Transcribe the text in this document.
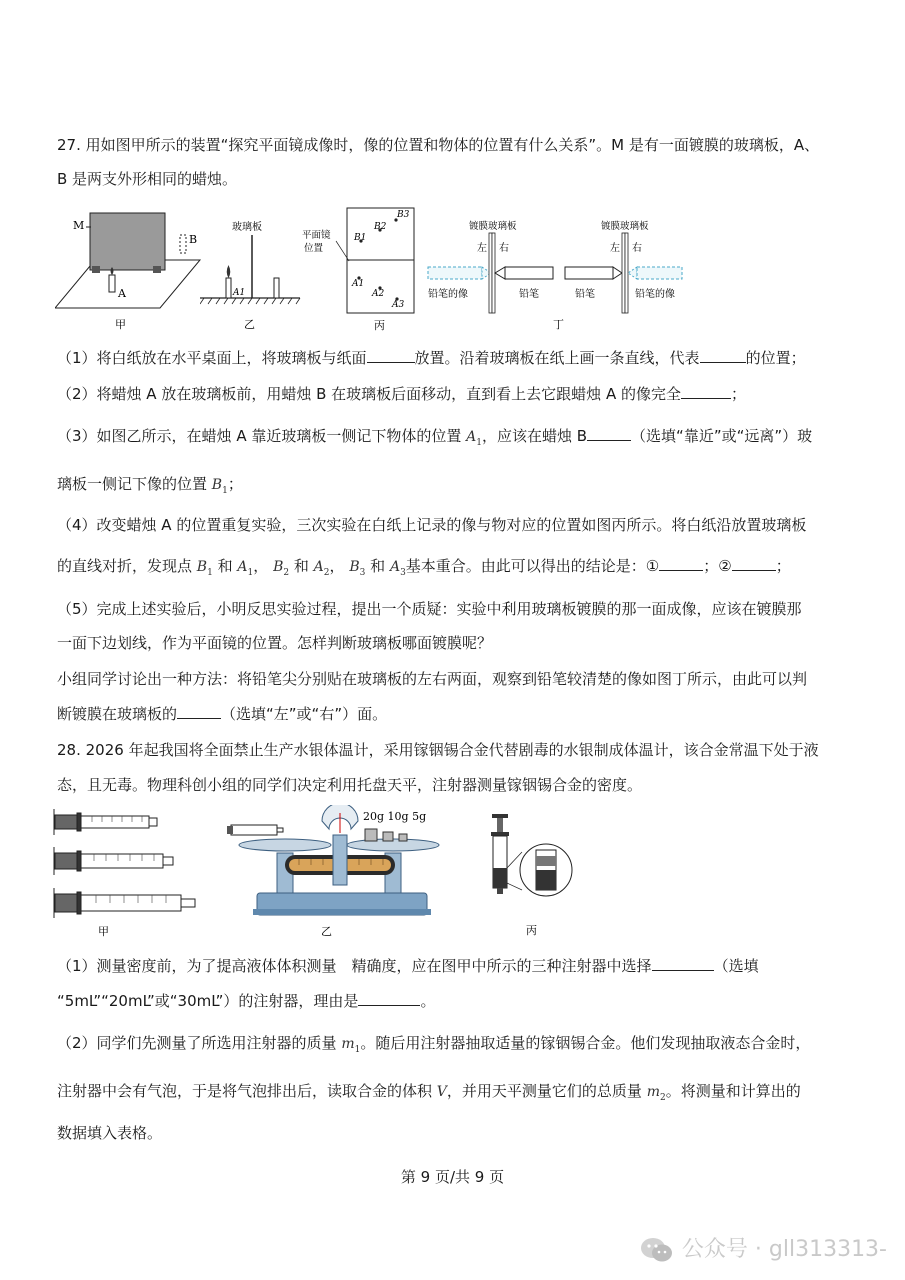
27. 用如图甲所示的装置“探究平面镜成像时，像的位置和物体的位置有什么关系”。M 是有一面镀膜的玻璃板，A、
B 是两支外形相同的蜡烛。
M
B
A
甲
玻璃板
A1
乙
B3
B2
B1
A1
A2
A3
平面镜
位置
丙
镀膜玻璃板	镀膜玻璃板
左 右	左 右
铅笔的像	铅笔	铅笔	铅笔的像
丁
（1）将白纸放在水平桌面上，将玻璃板与纸面	放置。沿着玻璃板在纸上画一条直线，代表	的位置；
（2）将蜡烛 A 放在玻璃板前，用蜡烛 B 在玻璃板后面移动，直到看上去它跟蜡烛 A 的像完全	；
（3）如图乙所示，在蜡烛 A 靠近玻璃板一侧记下物体的位置 $A_1$，应该在蜡烛 B	（选填“靠近”或“远离”）玻
璃板一侧记下像的位置 $B_1$；
（4）改变蜡烛 A 的位置重复实验，三次实验在白纸上记录的像与物对应的位置如图丙所示。将白纸沿放置玻璃板
的直线对折，发现点 $B_1$ 和 $A_1$， $B_2$ 和 $A_2$， $B_3$ 和 $A_3$基本重合。由此可以得出的结论是：①	；②	；
（5）完成上述实验后，小明反思实验过程，提出一个质疑：实验中利用玻璃板镀膜的那一面成像，应该在镀膜那
一面下边划线，作为平面镜的位置。怎样判断玻璃板哪面镀膜呢？
小组同学讨论出一种方法：将铅笔尖分别贴在玻璃板的左右两面，观察到铅笔较清楚的像如图丁所示，由此可以判
断镀膜在玻璃板的	（选填“左”或“右”）面。
28. 2026 年起我国将全面禁止生产水银体温计，采用镓铟锡合金代替剧毒的水银制成体温计，该合金常温下处于液
态，且无毒。物理科创小组的同学们决定利用托盘天平，注射器测量镓铟锡合金的密度。
甲
20g 10g 5g
乙	丙
（1）测量密度前，为了提高液体体积测量　精确度，应在图甲中所示的三种注射器中选择	（选填
“5mL”“20mL”或“30mL”）的注射器，理由是	。
（2）同学们先测量了所选用注射器的质量 $m_1$。随后用注射器抽取适量的镓铟锡合金。他们发现抽取液态合金时，
注射器中会有气泡，于是将气泡排出后，读取合金的体积 V，并用天平测量它们的总质量 $m_2$。将测量和计算出的
数据填入表格。
第 9 页/共 9 页
公众号 · gll313313-
